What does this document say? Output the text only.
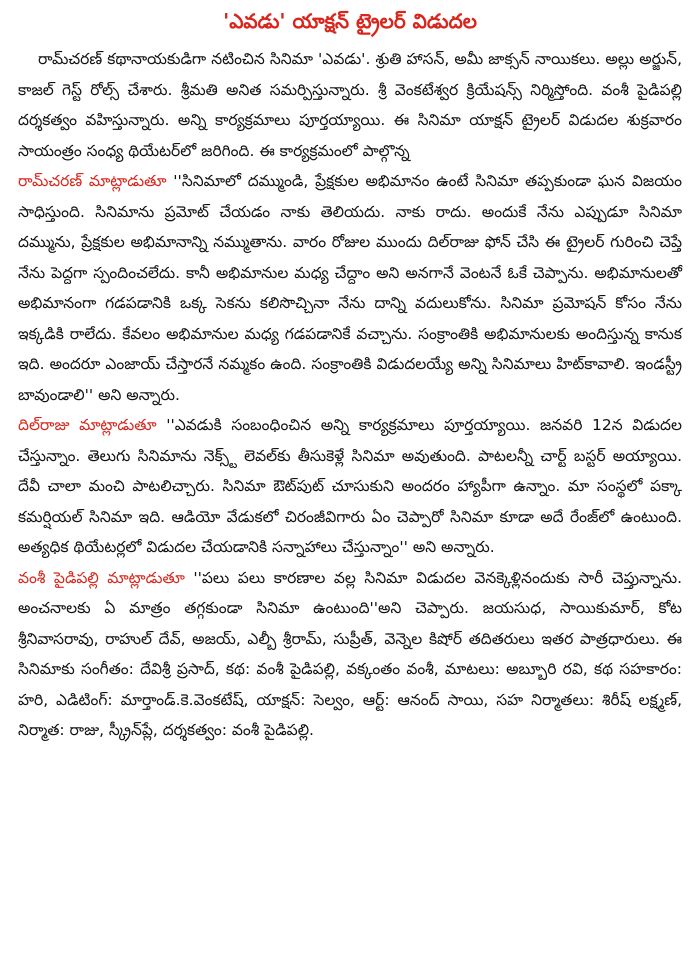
'ఎవడు' యాక్షన్ ట్రైలర్ విడుదల

రామ్‌చరణ్ కథానాయకుడిగా నటించిన సినిమా 'ఎవడు'. శ్రుతి హాసన్, అమీ జాక్సన్ నాయికలు. అల్లు అర్జున్, కాజల్ గెస్ట్ రోల్స్ చేశారు. శ్రీమతి అనిత సమర్పిస్తున్నారు. శ్రీ వెంకటేశ్వర క్రియేషన్స్ నిర్మిస్తోంది. వంశీ పైడిపల్లి దర్శకత్వం వహిస్తున్నారు. అన్ని కార్యక్రమాలు పూర్తయ్యాయి. ఈ సినిమా యాక్షన్ ట్రైలర్ విడుదల శుక్రవారం సాయంత్రం సంధ్య థియేటర్‌లో జరిగింది. ఈ కార్యక్రమంలో పాల్గొన్న

రామ్‌చరణ్ మాట్లాడుతూ ''సినిమాలో దమ్ముండి, ప్రేక్షకుల అభిమానం ఉంటే సినిమా తప్పకుండా ఘన విజయం సాధిస్తుంది. సినిమాను ప్రమోట్ చేయడం నాకు తెలియదు. నాకు రాదు. అందుకే నేను ఎప్పుడూ సినిమా దమ్మును, ప్రేక్షకుల అభిమానాన్ని నమ్ముతాను. వారం రోజుల ముందు దిల్‌రాజు ఫోన్ చేసి ఈ ట్రైలర్ గురించి చెప్తే నేను పెద్దగా స్పందించలేదు. కానీ అభిమానుల మధ్య చేద్దాం అని అనగానే వెంటనే ఓకే చెప్పాను. అభిమానులతో అభిమానంగా గడపడానికి ఒక్క సెకను కలిసొచ్చినా నేను దాన్ని వదులుకోను. సినిమా ప్రమోషన్ కోసం నేను ఇక్కడికి రాలేదు. కేవలం అభిమానుల మధ్య గడపడానికే వచ్చాను. సంక్రాంతికి అభిమానులకు అందిస్తున్న కానుక ఇది. అందరూ ఎంజాయ్ చేస్తారనే నమ్మకం ఉంది. సంక్రాంతికి విడుదలయ్యే అన్ని సినిమాలు హిట్‌కావాలి. ఇండస్ట్రీ బావుండాలి'' అని అన్నారు.

దిల్‌రాజు మాట్లాడుతూ ''ఎవడుకి సంబంధించిన అన్ని కార్యక్రమాలు పూర్తయ్యాయి. జనవరి 12న విడుదల చేస్తున్నాం. తెలుగు సినిమాను నెక్స్ట్ లెవల్‌కు తీసుకెళ్లే సినిమా అవుతుంది. పాటలన్నీ చార్ట్ బస్టర్ అయ్యాయి. దేవీ చాలా మంచి పాటలిచ్చారు. సినిమా ఔట్‌పుట్ చూసుకుని అందరం హ్యాపీగా ఉన్నాం. మా సంస్థలో పక్కా కమర్షియల్ సినిమా ఇది. ఆడియో వేడుకలో చిరంజీవిగారు ఏం చెప్పారో సినిమా కూడా అదే రేంజ్‌లో ఉంటుంది. అత్యధిక థియేటర్లలో విడుదల చేయడానికి సన్నాహాలు చేస్తున్నాం'' అని అన్నారు.

వంశీ పైడిపల్లి మాట్లాడుతూ ''పలు పలు కారణాల వల్ల సినిమా విడుదల వెనక్కెళ్లినందుకు సారీ చెప్తున్నాను. అంచనాలకు ఏ మాత్రం తగ్గకుండా సినిమా ఉంటుంది''అని చెప్పారు. జయసుధ, సాయికుమార్, కోట శ్రీనివాసరావు, రాహుల్ దేవ్, అజయ్, ఎల్బీ శ్రీరామ్, సుప్రీత్, వెన్నెల కిషోర్ తదితరులు ఇతర పాత్రధారులు. ఈ సినిమాకు సంగీతం: దేవిశ్రీ ప్రసాద్, కథ: వంశీ పైడిపల్లి, వక్కంతం వంశీ, మాటలు: అబ్బూరి రవి, కథ సహకారం: హరి, ఎడిటింగ్: మార్తాండ్.కె.వెంకటేష్, యాక్షన్: సెల్వం, ఆర్ట్: ఆనంద్ సాయి, సహ నిర్మాతలు: శిరీష్ లక్ష్మణ్, నిర్మాత: రాజు, స్క్రీన్‌ప్లే, దర్శకత్వం: వంశీ పైడిపల్లి.
